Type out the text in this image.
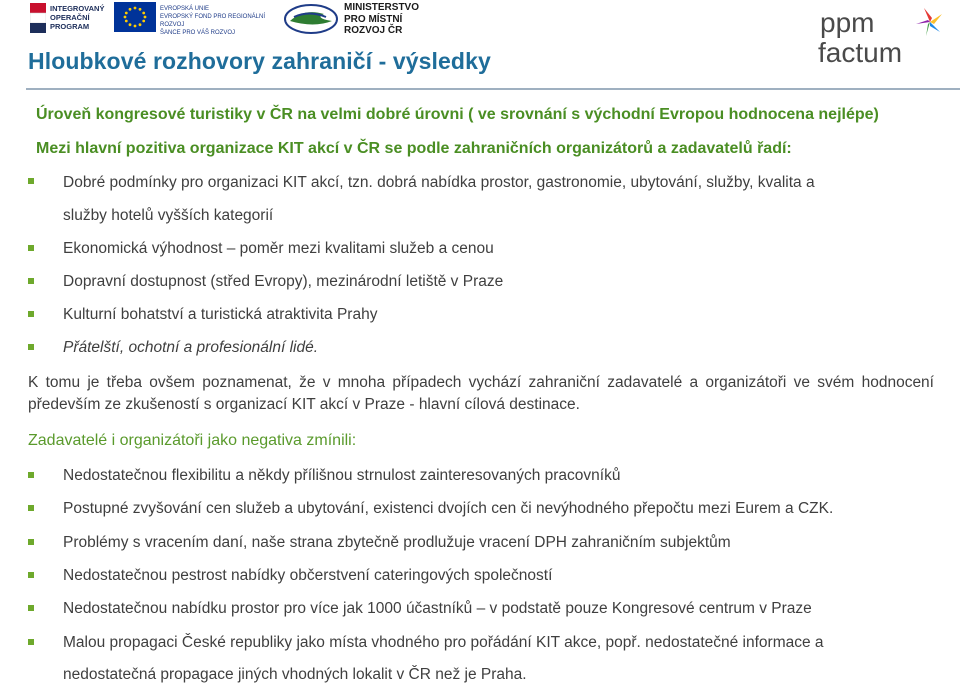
INTEGROVANÝ
OPERAČNÍ
PROGRAM
EVROPSKÁ UNIE
EVROPSKÝ FOND PRO REGIONÁLNÍ ROZVOJ
ŠANCE PRO VÁŠ ROZVOJ
MINISTERSTVO
PRO MÍSTNÍ
ROZVOJ ČR	ppm
factum
Hloubkové rozhovory zahraničí - výsledky
Úroveň kongresové turistiky v ČR na velmi dobré úrovni ( ve srovnání s východní Evropou hodnocena nejlépe)
Mezi hlavní pozitiva organizace KIT akcí v ČR se podle zahraničních organizátorů a zadavatelů řadí:
Dobré podmínky pro organizaci KIT akcí, tzn. dobrá nabídka prostor, gastronomie, ubytování, služby, kvalita a
služby hotelů vyšších kategorií
Ekonomická výhodnost – poměr mezi kvalitami služeb a cenou
Dopravní dostupnost (střed Evropy), mezinárodní letiště v Praze
Kulturní bohatství a turistická atraktivita Prahy
Přátelští, ochotní a profesionální lidé.
K tomu je třeba ovšem poznamenat, že v mnoha případech vychází zahraniční zadavatelé a organizátoři ve svém hodnocení především ze zkušeností s organizací KIT akcí v Praze - hlavní cílová destinace.
Zadavatelé i organizátoři jako negativa zmínili:
Nedostatečnou flexibilitu a někdy přílišnou strnulost zainteresovaných pracovníků
Postupné zvyšování cen služeb a ubytování, existenci dvojích cen či nevýhodného přepočtu mezi Eurem a CZK.
Problémy s vracením daní, naše strana zbytečně prodlužuje vracení DPH zahraničním subjektům
Nedostatečnou pestrost nabídky občerstvení cateringových společností
Nedostatečnou nabídku prostor pro více jak 1000 účastníků – v podstatě pouze Kongresové centrum v Praze
Malou propagaci České republiky jako místa vhodného pro pořádání KIT akce, popř. nedostatečné informace a
nedostatečná propagace jiných vhodných lokalit v ČR než je Praha.
